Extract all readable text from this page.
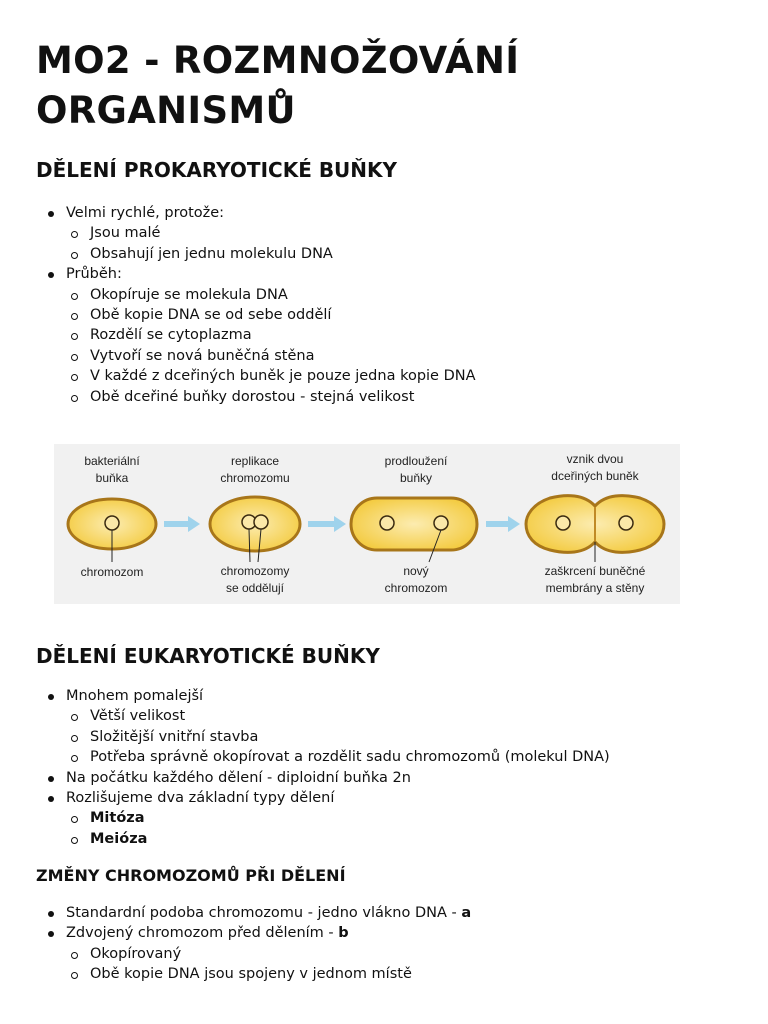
MO2 - ROZMNOŽOVÁNÍ ORGANISMŮ
DĚLENÍ PROKARYOTICKÉ BUŇKY
Velmi rychlé, protože:
Jsou malé
Obsahují jen jednu molekulu DNA
Průběh:
Okopíruje se molekula DNA
Obě kopie DNA se od sebe oddělí
Rozdělí se cytoplazma
Vytvoří se nová buněčná stěna
V každé z dceřiných buněk je pouze jedna kopie DNA
Obě dceřiné buňky dorostou - stejná velikost
bakteriální
buňka
chromozom
replikace
chromozomu
chromozomy
se oddělují
prodloužení
buňky
nový
chromozom
vznik dvou
dceřiných buněk
zaškrcení buněčné
membrány a stěny
DĚLENÍ EUKARYOTICKÉ BUŇKY
Mnohem pomalejší
Větší velikost
Složitější vnitřní stavba
Potřeba správně okopírovat a rozdělit sadu chromozomů (molekul DNA)
Na počátku každého dělení - diploidní buňka 2n
Rozlišujeme dva základní typy dělení
Mitóza
Meióza
ZMĚNY CHROMOZOMŮ PŘI DĚLENÍ
Standardní podoba chromozomu - jedno vlákno DNA - a
Zdvojený chromozom před dělením - b
Okopírovaný
Obě kopie DNA jsou spojeny v jednom místě
